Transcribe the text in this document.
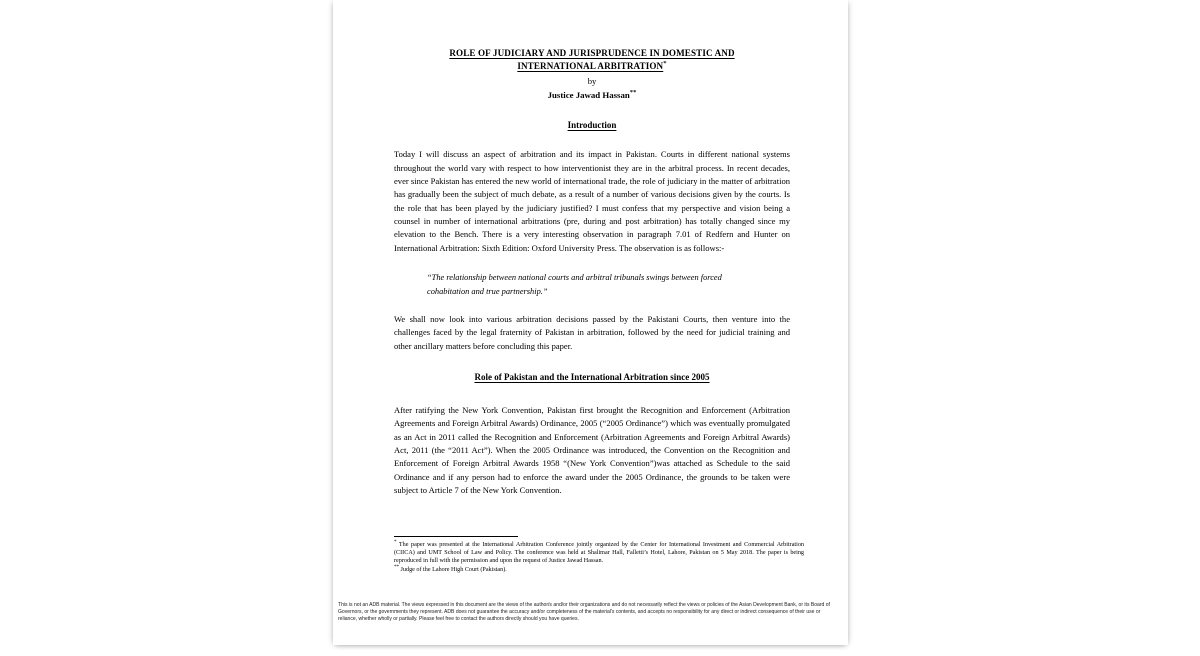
ROLE OF JUDICIARY AND JURISPRUDENCE IN DOMESTIC AND
INTERNATIONAL ARBITRATION*

by

Justice Jawad Hassan**

Introduction

Today I will discuss an aspect of arbitration and its impact in Pakistan. Courts in different national systems throughout the world vary with respect to how interventionist they are in the arbitral process. In recent decades, ever since Pakistan has entered the new world of international trade, the role of judiciary in the matter of arbitration has gradually been the subject of much debate, as a result of a number of various decisions given by the courts. Is the role that has been played by the judiciary justified? I must confess that my perspective and vision being a counsel in number of international arbitrations (pre, during and post arbitration) has totally changed since my elevation to the Bench. There is a very interesting observation in paragraph 7.01 of Redfern and Hunter on International Arbitration: Sixth Edition: Oxford University Press. The observation is as follows:-

“The relationship between national courts and arbitral tribunals swings between forced cohabitation and true partnership.”

We shall now look into various arbitration decisions passed by the Pakistani Courts, then venture into the challenges faced by the legal fraternity of Pakistan in arbitration, followed by the need for judicial training and other ancillary matters before concluding this paper.

Role of Pakistan and the International Arbitration since 2005

After ratifying the New York Convention, Pakistan first brought the Recognition and Enforcement (Arbitration Agreements and Foreign Arbitral Awards) Ordinance, 2005 (“2005 Ordinance”) which was eventually promulgated as an Act in 2011 called the Recognition and Enforcement (Arbitration Agreements and Foreign Arbitral Awards) Act, 2011 (the “2011 Act”). When the 2005 Ordinance was introduced, the Convention on the Recognition and Enforcement of Foreign Arbitral Awards 1958 “(New York Convention”)was attached as Schedule to the said Ordinance and if any person had to enforce the award under the 2005 Ordinance, the grounds to be taken were subject to Article 7 of the New York Convention.

* The paper was presented at the International Arbitration Conference jointly organized by the Center for International Investment and Commercial Arbitration (CIICA) and UMT School of Law and Policy. The conference was held at Shalimar Hall, Falletti’s Hotel, Lahore, Pakistan on 5 May 2018. The paper is being reproduced in full with the permission and upon the request of Justice Jawad Hassan.

** Judge of the Lahore High Court (Pakistan).

This is not an ADB material. The views expressed in this document are the views of the author/s and/or their organizations and do not necessarily reflect the views or policies of the Asian Development Bank, or its Board of Governors, or the governments they represent. ADB does not guarantee the accuracy and/or completeness of the material's contents, and accepts no responsibility for any direct or indirect consequence of their use or reliance, whether wholly or partially. Please feel free to contact the authors directly should you have queries.
